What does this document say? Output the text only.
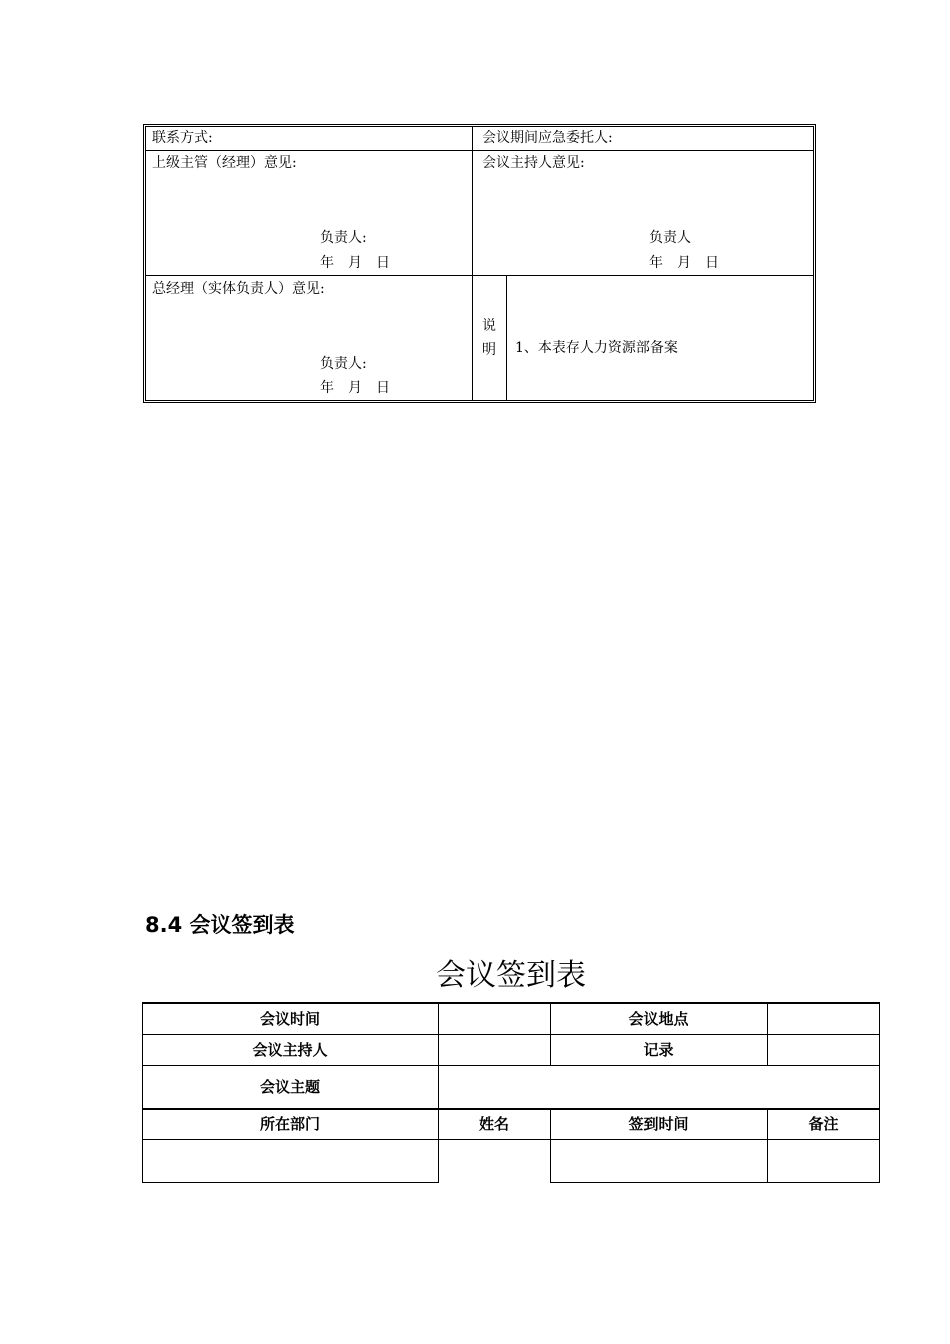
联系方式:	会议期间应急委托人:
上级主管（经理）意见:	会议主持人意见:
负责人:
年　月　日
负责人
年　月　日
总经理（实体负责人）意见:
负责人:
年　月　日
说
明 1、本表存人力资源部备案
8.4 会议签到表
会议签到表
会议时间	会议地点
会议主持人	记录
会议主题
所在部门	姓名	签到时间	备注
